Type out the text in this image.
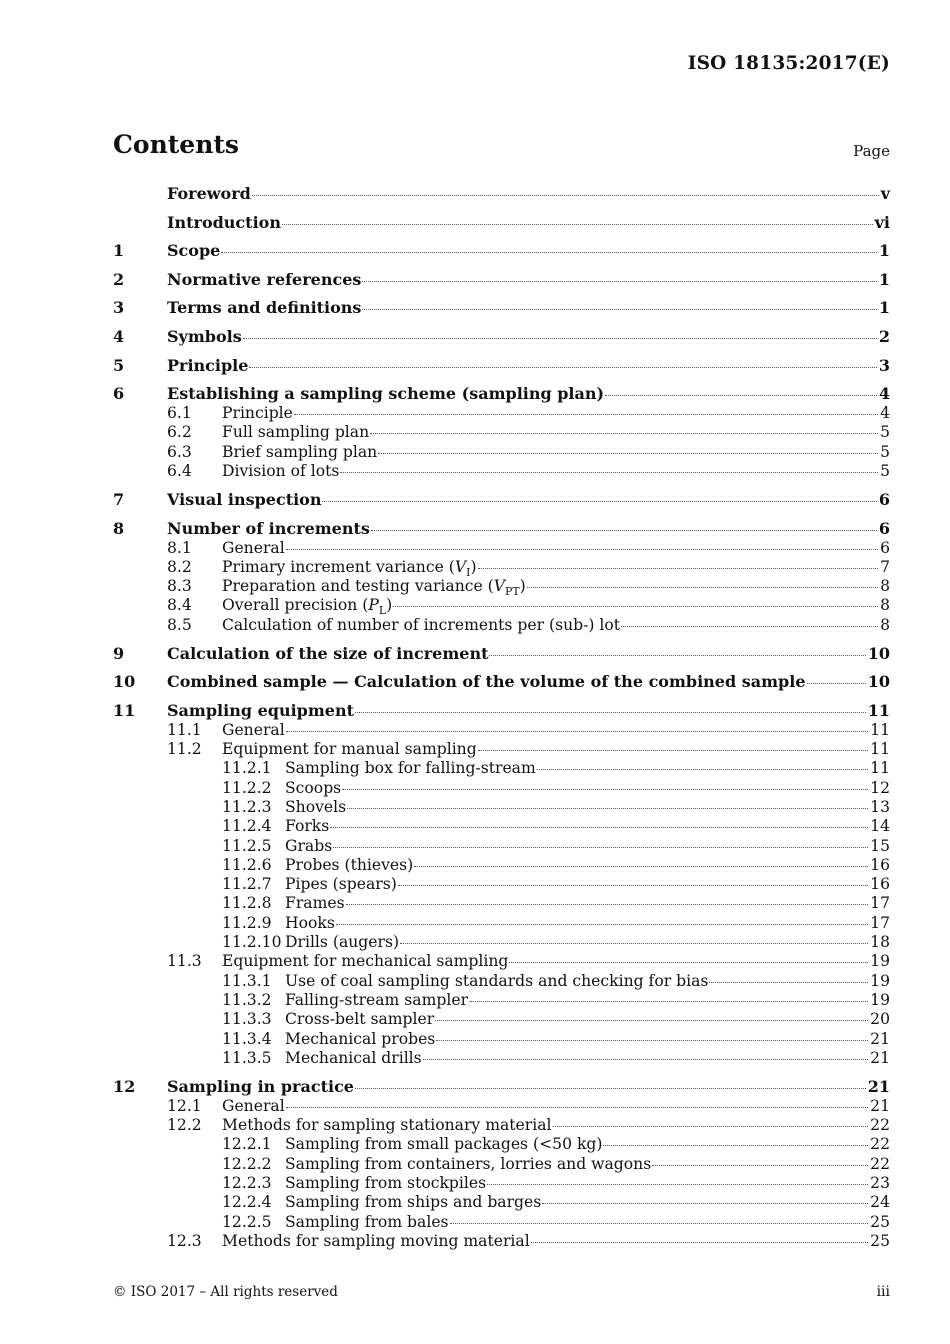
ISO 18135:2017(E)
Contents	Page
Foreword	v
Introduction	vi
1	Scope	1
2	Normative references	1
3	Terms and definitions	1
4	Symbols	2
5	Principle	3
6	Establishing a sampling scheme (sampling plan)	4
6.1	Principle	4
6.2	Full sampling plan	5
6.3	Brief sampling plan	5
6.4	Division of lots	5
7	Visual inspection	6
8	Number of increments	6
8.1	General	6
8.2	Primary increment variance $(V_I)$	7
8.3	Preparation and testing variance $(V_{PT})$	8
8.4	Overall precision $(P_L)$	8
8.5	Calculation of number of increments per (sub-) lot	8
9	Calculation of the size of increment	10
10	Combined sample — Calculation of the volume of the combined sample	10
11	Sampling equipment	11
11.1	General	11
11.2	Equipment for manual sampling	11
11.2.1 Sampling box for falling-stream	11
11.2.2 Scoops	12
11.2.3 Shovels	13
11.2.4 Forks	14
11.2.5 Grabs	15
11.2.6 Probes (thieves)	16
11.2.7 Pipes (spears)	16
11.2.8 Frames	17
11.2.9 Hooks	17
11.2.10 Drills (augers)	18
11.3	Equipment for mechanical sampling	19
11.3.1 Use of coal sampling standards and checking for bias	19
11.3.2 Falling-stream sampler	19
11.3.3 Cross-belt sampler	20
11.3.4 Mechanical probes	21
11.3.5 Mechanical drills	21
12	Sampling in practice	21
12.1	General	21
12.2	Methods for sampling stationary material	22
12.2.1 Sampling from small packages (<50 kg)	22
12.2.2 Sampling from containers, lorries and wagons	22
12.2.3 Sampling from stockpiles	23
12.2.4 Sampling from ships and barges	24
12.2.5 Sampling from bales	25
12.3	Methods for sampling moving material	25
© ISO 2017 – All rights reserved	iii
